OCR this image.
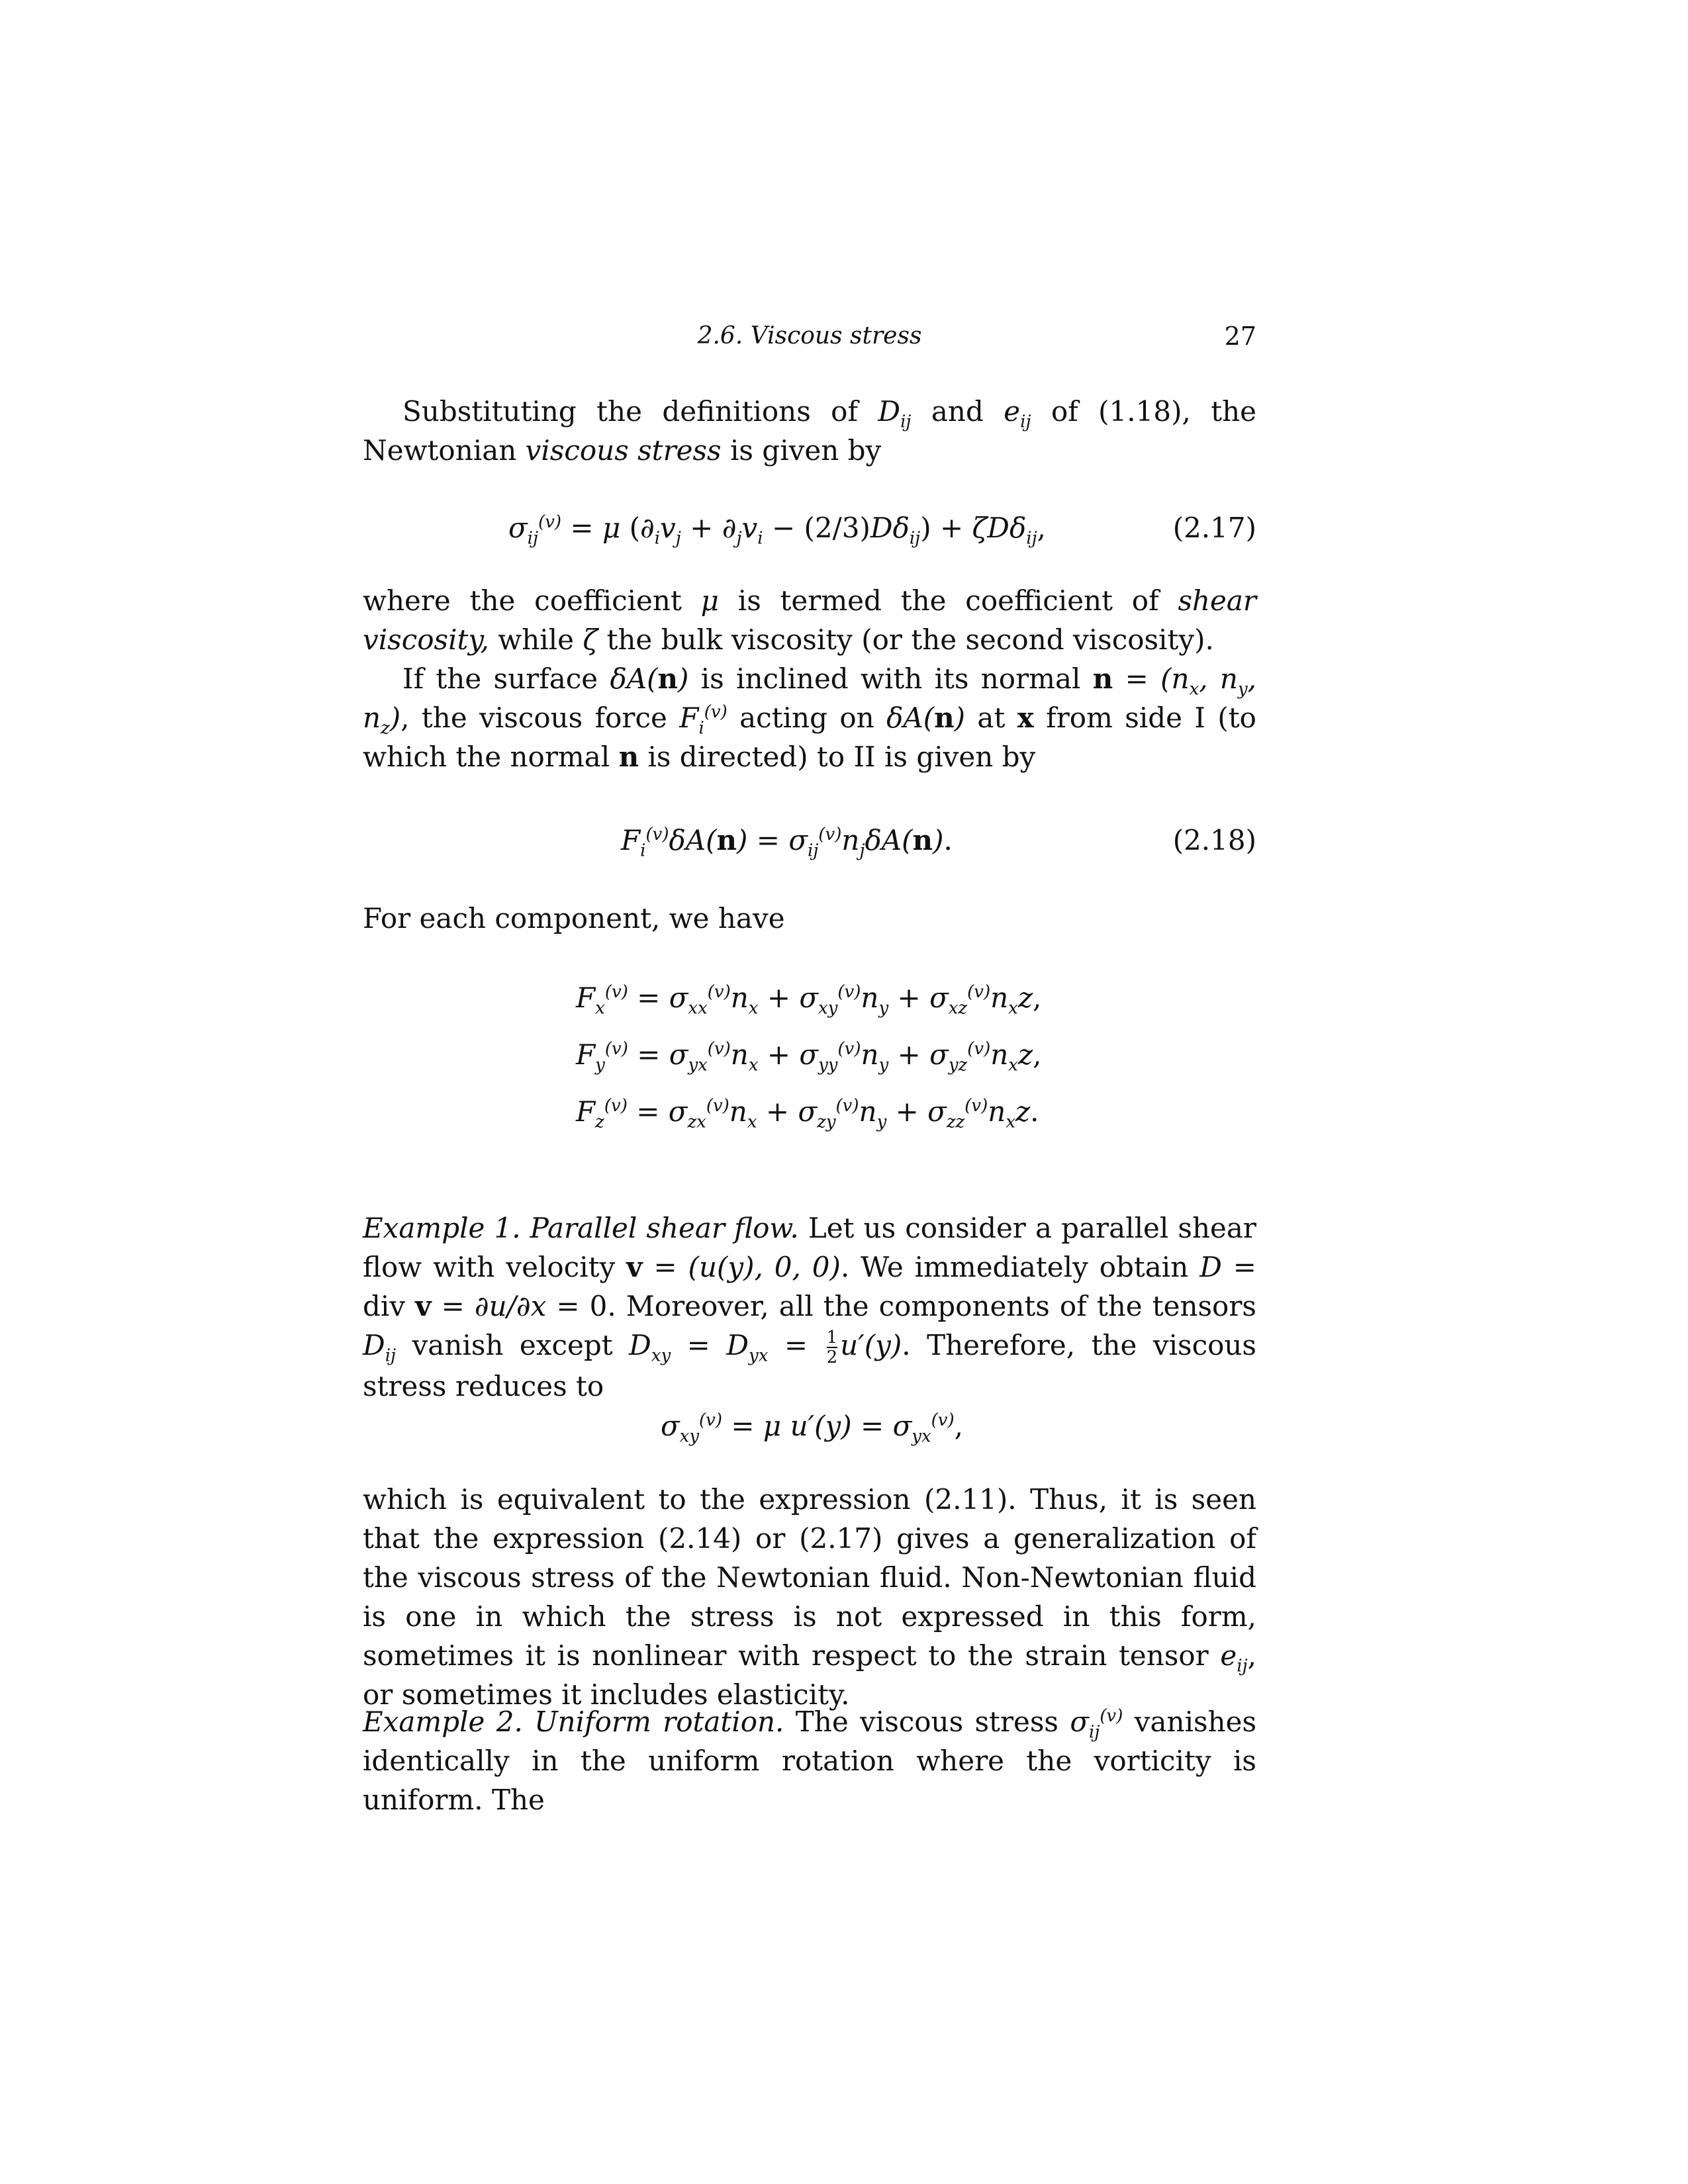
2.6. Viscous stress	27

Substituting the definitions of $D_{ij}$ and $e_{ij}$ of (1.18), the Newtonian viscous stress is given by

$\sigma_{ij}^{(v)} = \mu$ $(\partial_iv_j + \partial_jv_i - (2/3)D\delta_{ij}) + \zeta D\delta_{ij}$,	(2.17)

where the coefficient μ is termed the coefficient of shear viscosity, while ζ the bulk viscosity (or the second viscosity).

If the surface δA(n) is inclined with its normal $n = (n_x$, $n_y$, $n_z$), the viscous force $F_i^{(v)}$ acting on δA(n) at x from side I (to which the normal n is directed) to II is given by

$F_i^{(v)}\delta A(n) = \sigma_{ij}^{(v)}n_j\delta A(n)$.	(2.18)

For each component, we have

$F_x^{(v)} = \sigma_{xx}^{(v)}n_x + \sigma_{xy}^{(v)}n_y + \sigma_{xz}^{(v)}n_xz$,
$F_y^{(v)} = \sigma_{yx}^{(v)}n_x + \sigma_{yy}^{(v)}n_y + \sigma_{yz}^{(v)}n_xz$,
$F_z^{(v)} = \sigma_{zx}^{(v)}n_x + \sigma_{zy}^{(v)}n_y + \sigma_{zz}^{(v)}n_xz$.

Example 1. Parallel shear flow. Let us consider a parallel shear flow with velocity v = (u(y), 0, 0). We immediately obtain D = div v = ∂u/∂x = 0. Moreover, all the components of the tensors $D_{ij}$ vanish except $D_{xy} = D_{yx} = \frac{1}{2} u'(y)$. Therefore, the viscous stress reduces to

$\sigma_{xy}^{(v)} = \mu$ $u'(y) = \sigma_{yx}^{(v)}$,

which is equivalent to the expression (2.11). Thus, it is seen that the expression (2.14) or (2.17) gives a generalization of the viscous stress of the Newtonian fluid. Non-Newtonian fluid is one in which the stress is not expressed in this form, sometimes it is nonlinear with respect to the strain tensor $e_{ij}$, or sometimes it includes elasticity.

Example 2. Uniform rotation. The viscous stress $\sigma_{ij}^{(v)}$ vanishes identically in the uniform rotation where the vorticity is uniform. The
